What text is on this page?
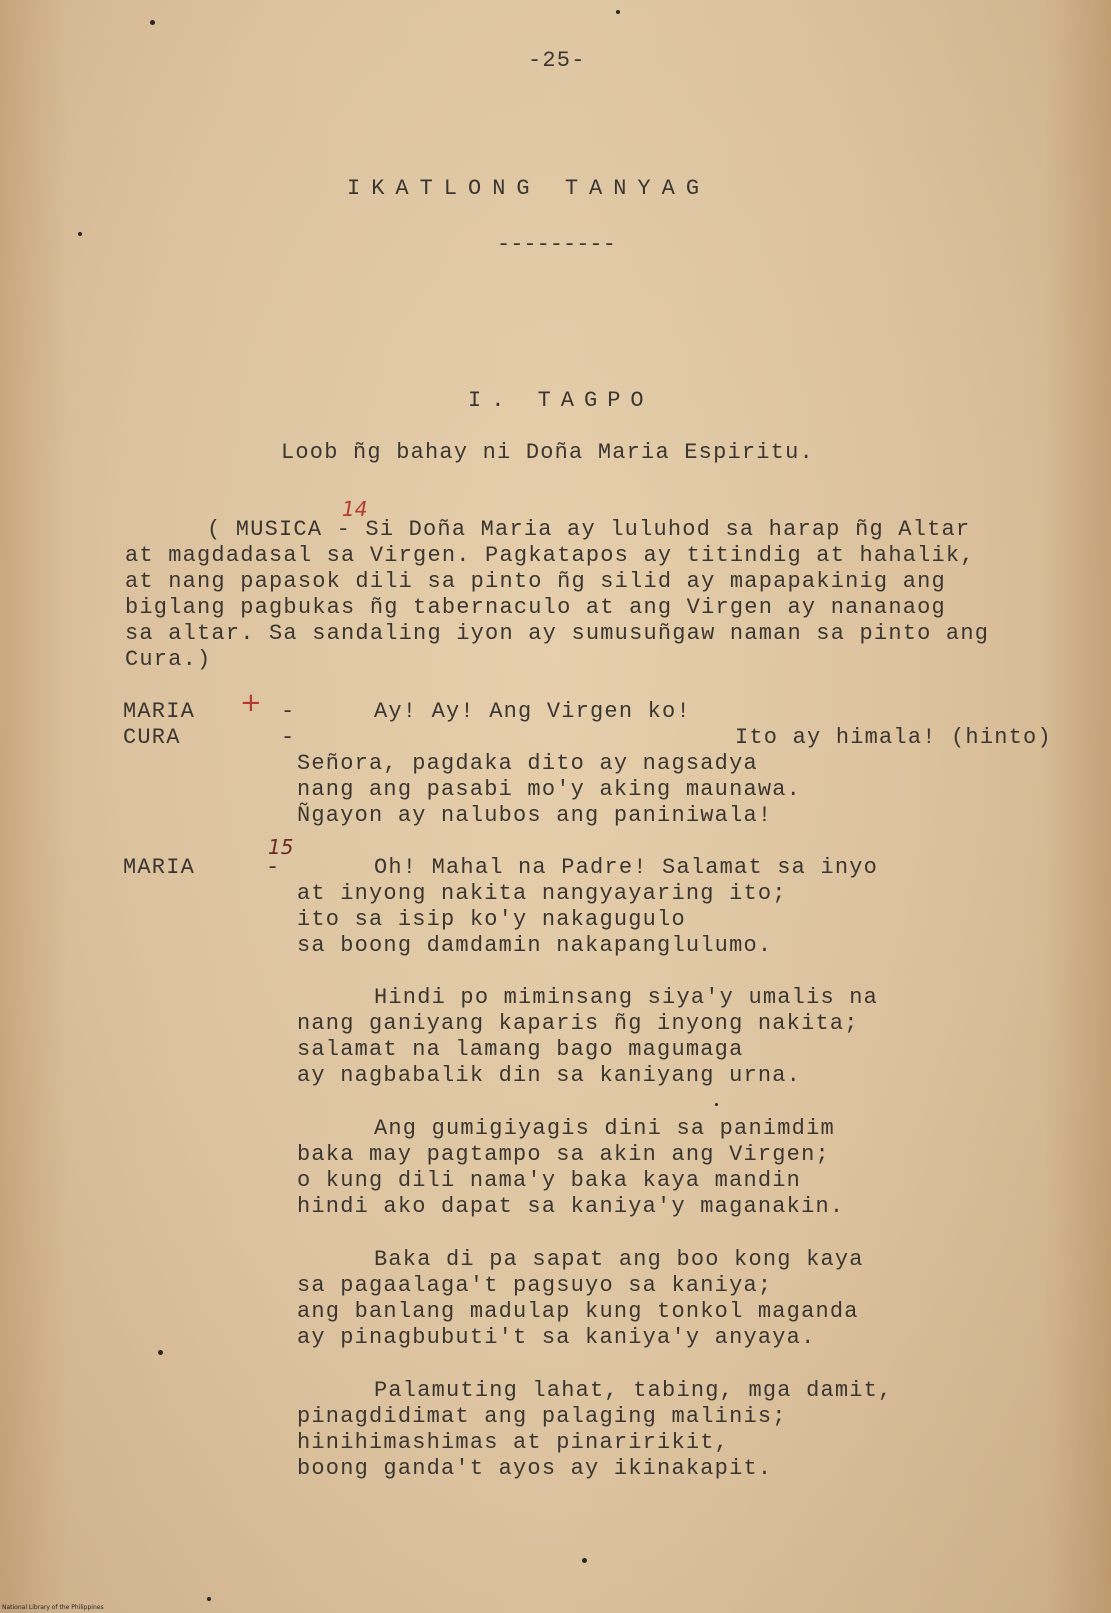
-25-
IKATLONG TANYAG
---------
I. TAGPO
Loob ñg bahay ni Doña Maria Espiritu.
( MUSICA - Si Doña Maria ay luluhod sa harap ñg Altar
at magdadasal sa Virgen. Pagkatapos ay titindig at hahalik,
at nang papasok dili sa pinto ñg silid ay mapapakinig ang
biglang pagbukas ñg tabernaculo at ang Virgen ay nananaog
sa altar. Sa sandaling iyon ay sumusuñgaw naman sa pinto ang
Cura.)
14
+
15
MARIA	-	Ay! Ay! Ang Virgen ko!
CURA	-	Ito ay himala! (hinto)
Señora, pagdaka dito ay nagsadya
nang ang pasabi mo'y aking maunawa.
Ñgayon ay nalubos ang paniniwala!
MARIA	-	Oh! Mahal na Padre! Salamat sa inyo
at inyong nakita nangyayaring ito;
ito sa isip ko'y nakagugulo
sa boong damdamin nakapanglulumo.
Hindi po miminsang siya'y umalis na
nang ganiyang kaparis ñg inyong nakita;
salamat na lamang bago magumaga
ay nagbabalik din sa kaniyang urna.
Ang gumigiyagis dini sa panimdim
baka may pagtampo sa akin ang Virgen;
o kung dili nama'y baka kaya mandin
hindi ako dapat sa kaniya'y maganakin.
Baka di pa sapat ang boo kong kaya
sa pagaalaga't pagsuyo sa kaniya;
ang banlang madulap kung tonkol maganda
ay pinagbubuti't sa kaniya'y anyaya.
Palamuting lahat, tabing, mga damit,
pinagdidimat ang palaging malinis;
hinihimashimas at pinaririkit,
boong ganda't ayos ay ikinakapit.
National Library of the Philippines
